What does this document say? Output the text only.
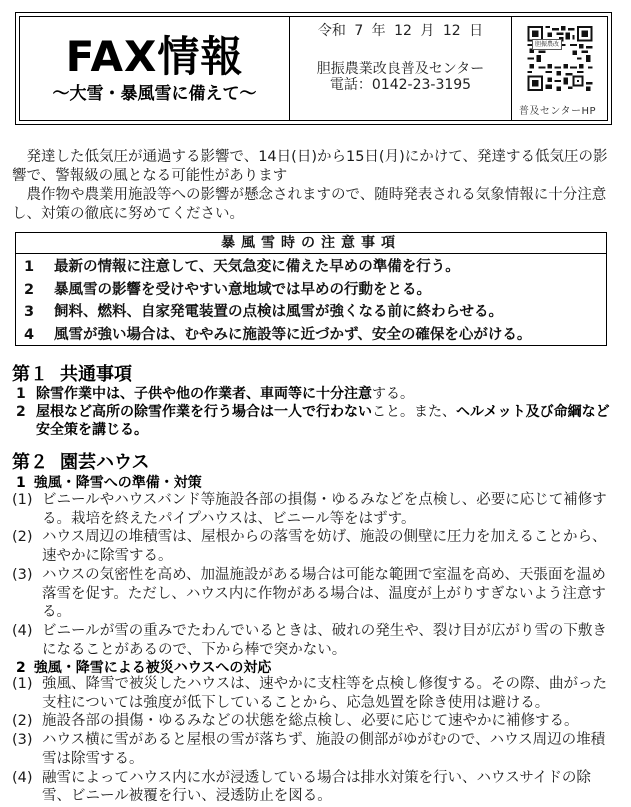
FAX情報
～大雪・暴風雪に備えて～
令和 7 年 12 月 12 日
胆振農業改良普及センター
電話：0142-23-3195
胆振農改
普及センターHP

発達した低気圧が通過する影響で、14日(日)から15日(月)にかけて、発達する低気圧の影響で、警報級の風となる可能性があります

農作物や農業用施設等への影響が懸念されますので、随時発表される気象情報に十分注意し、対策の徹底に努めてください。

暴風雪時の注意事項
1	最新の情報に注意して、天気急変に備えた早めの準備を行う。
2	暴風雪の影響を受けやすい意地域では早めの行動をとる。
3	飼料、燃料、自家発電装置の点検は風雪が強くなる前に終わらせる。
4	風雪が強い場合は、むやみに施設等に近づかず、安全の確保を心がける。
第１ 共通事項
1 除雪作業中は、子供や他の作業者、車両等に十分注意する。
2 屋根など高所の除雪作業を行う場合は一人で行わないこと。また、ヘルメット及び命綱など安全策を講じる。
第２ 園芸ハウス
1 強風・降雪への準備・対策
(1) ビニールやハウスバンド等施設各部の損傷・ゆるみなどを点検し、必要に応じて補修する。栽培を終えたパイプハウスは、ビニール等をはずす。
(2) ハウス周辺の堆積雪は、屋根からの落雪を妨げ、施設の側壁に圧力を加えることから、速やかに除雪する。
(3) ハウスの気密性を高め、加温施設がある場合は可能な範囲で室温を高め、天張面を温め落雪を促す。ただし、ハウス内に作物がある場合は、温度が上がりすぎないよう注意する。
(4) ビニールが雪の重みでたわんでいるときは、破れの発生や、裂け目が広がり雪の下敷きになることがあるので、下から棒で突かない。
2 強風・降雪による被災ハウスへの対応
(1) 強風、降雪で被災したハウスは、速やかに支柱等を点検し修復する。その際、曲がった支柱については強度が低下していることから、応急処置を除き使用は避ける。
(2) 施設各部の損傷・ゆるみなどの状態を総点検し、必要に応じて速やかに補修する。
(3) ハウス横に雪があると屋根の雪が落ちず、施設の側部がゆがむので、ハウス周辺の堆積雪は除雪する。
(4) 融雪によってハウス内に水が浸透している場合は排水対策を行い、ハウスサイドの除雪、ビニール被覆を行い、浸透防止を図る。
